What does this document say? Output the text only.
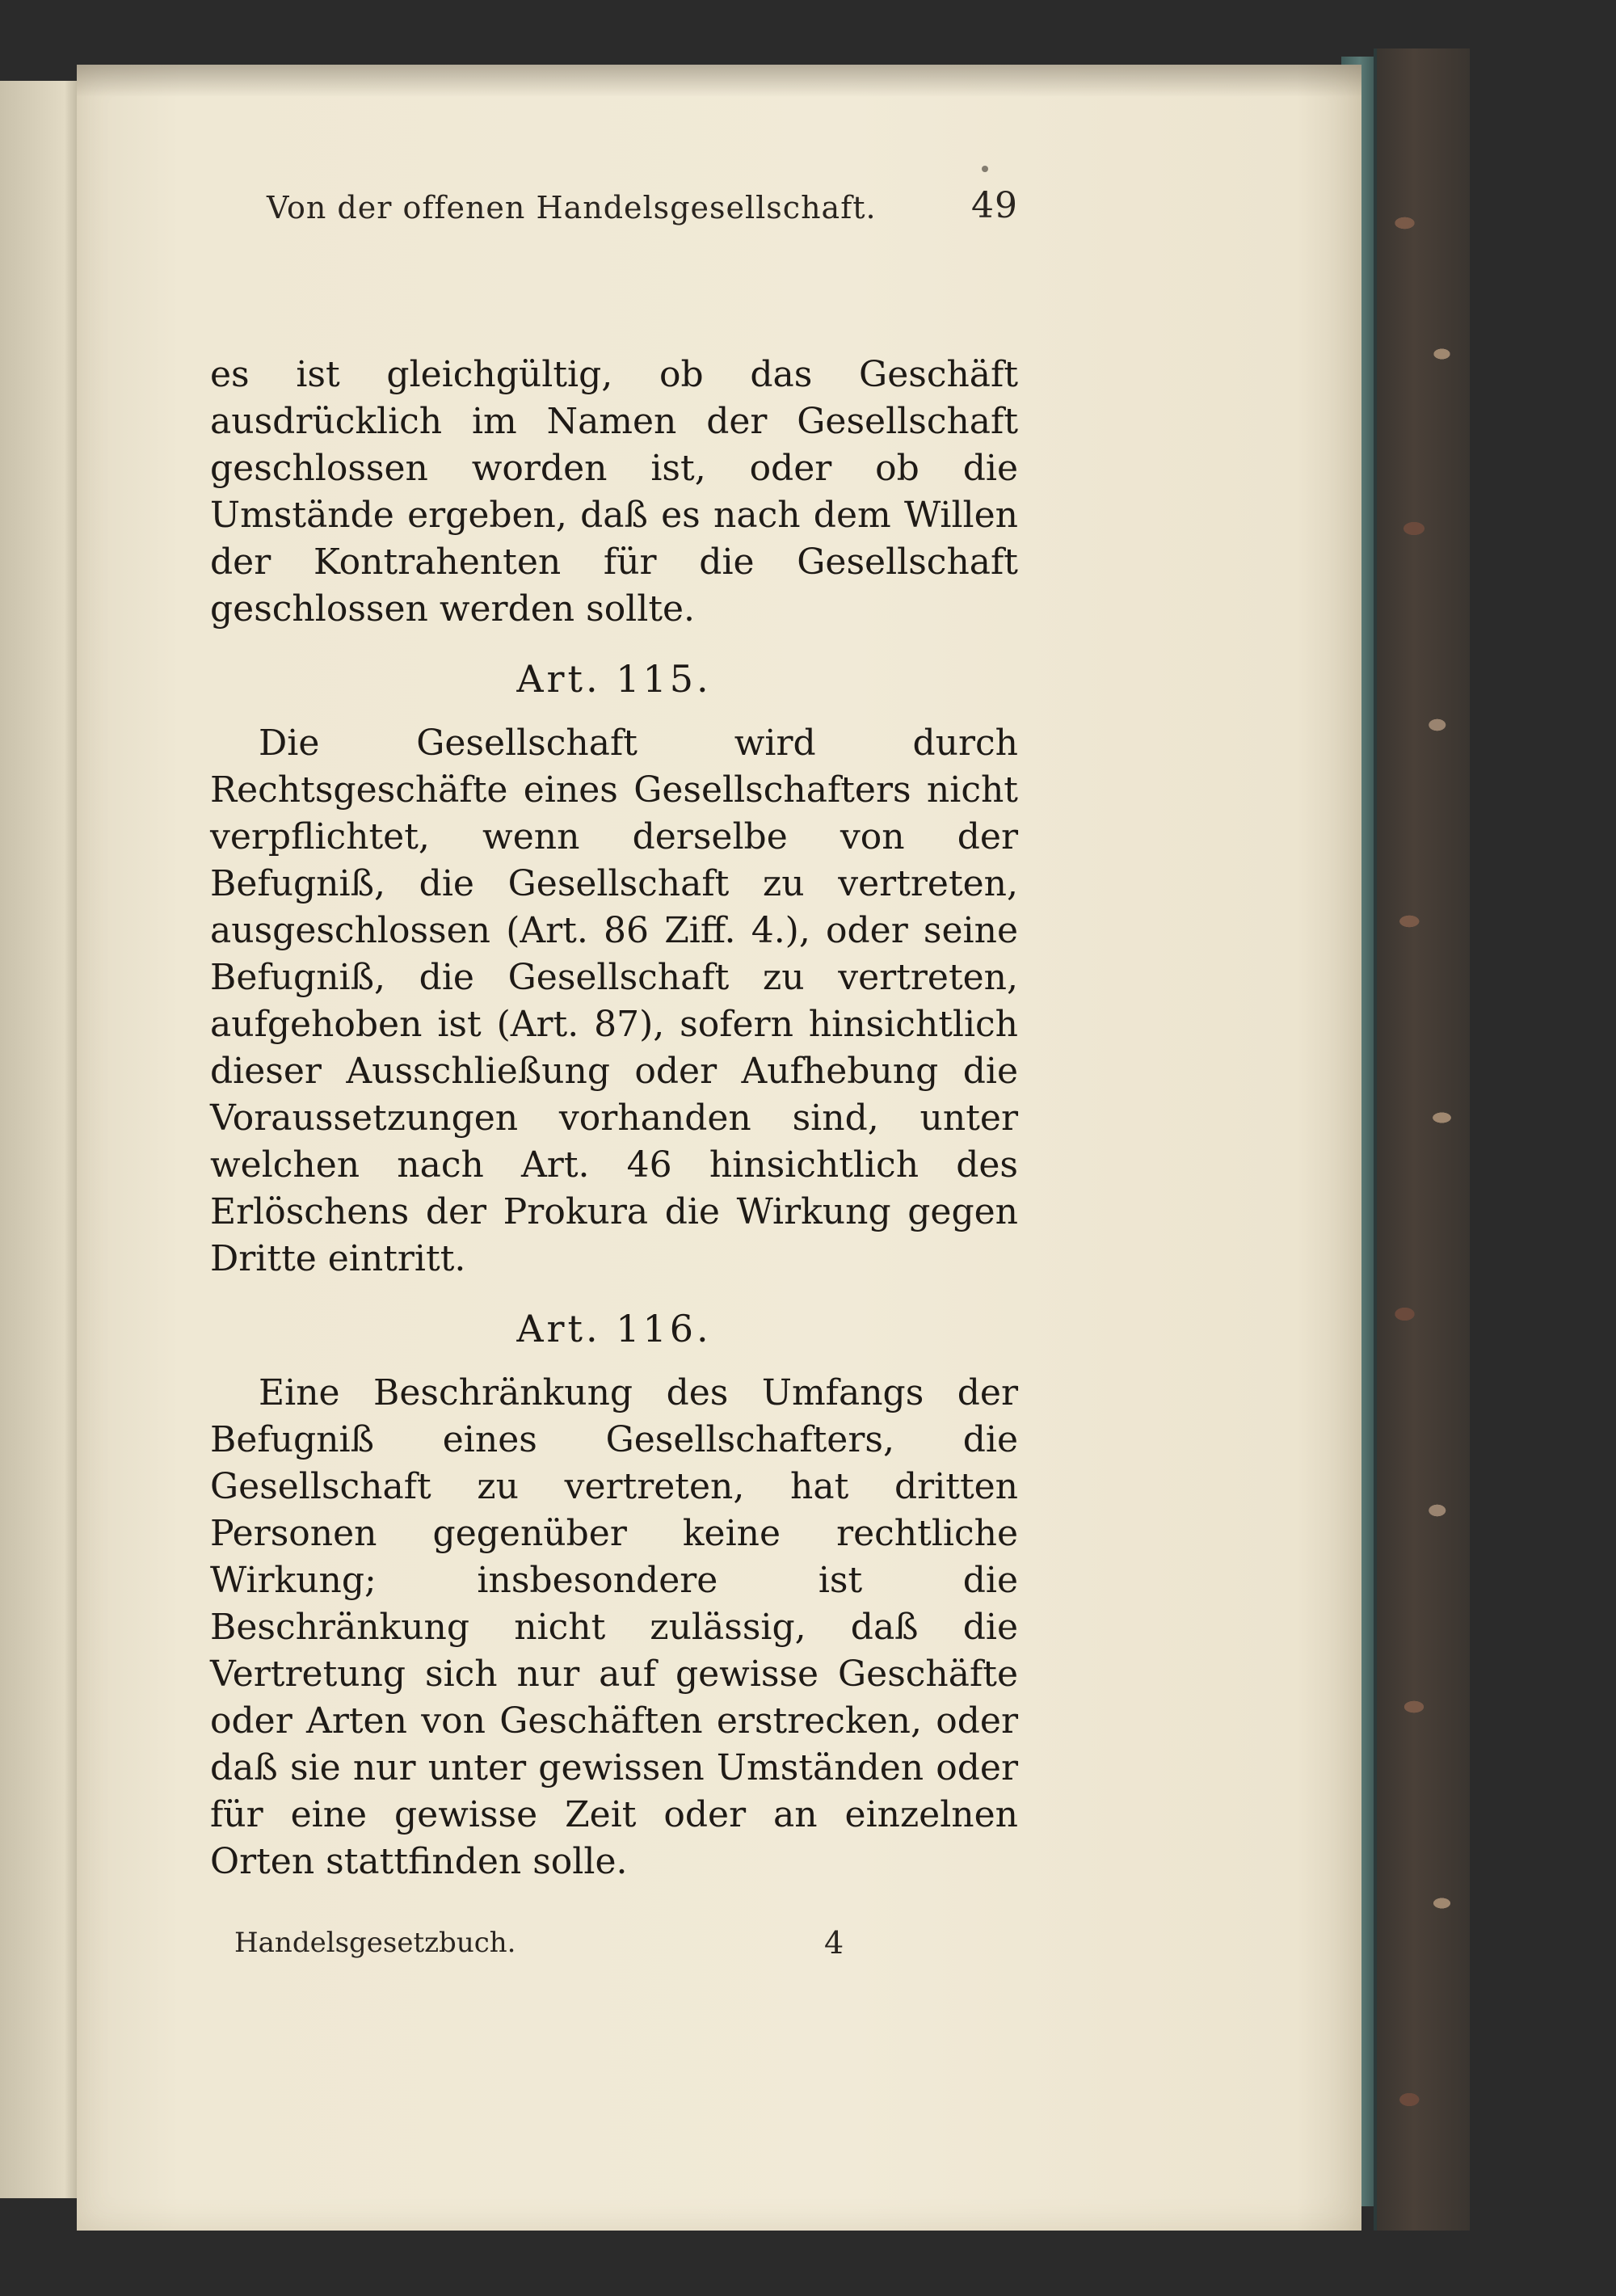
Von der offenen Handelsgesellschaft.	49

es ist gleichgültig, ob das Geschäft ausdrücklich im Namen der Gesellschaft geschlossen worden ist, oder ob die Umstände ergeben, daß es nach dem Willen der Kontrahenten für die Gesellschaft geschlossen werden sollte.

Art. 115.

Die Gesellschaft wird durch Rechtsgeschäfte eines Gesellschafters nicht verpflichtet, wenn derselbe von der Befugniß, die Gesellschaft zu vertreten, ausgeschlossen (Art. 86 Ziff. 4.), oder seine Befugniß, die Gesellschaft zu vertreten, aufgehoben ist (Art. 87), sofern hinsichtlich dieser Ausschließung oder Aufhebung die Voraussetzungen vorhanden sind, unter welchen nach Art. 46 hinsichtlich des Erlöschens der Prokura die Wirkung gegen Dritte eintritt.

Art. 116.

Eine Beschränkung des Umfangs der Befugniß eines Gesellschafters, die Gesellschaft zu vertreten, hat dritten Personen gegenüber keine rechtliche Wirkung; insbesondere ist die Beschränkung nicht zulässig, daß die Vertretung sich nur auf gewisse Geschäfte oder Arten von Geschäften erstrecken, oder daß sie nur unter gewissen Umständen oder für eine gewisse Zeit oder an einzelnen Orten stattfinden solle.

Handelsgesetzbuch.	4
